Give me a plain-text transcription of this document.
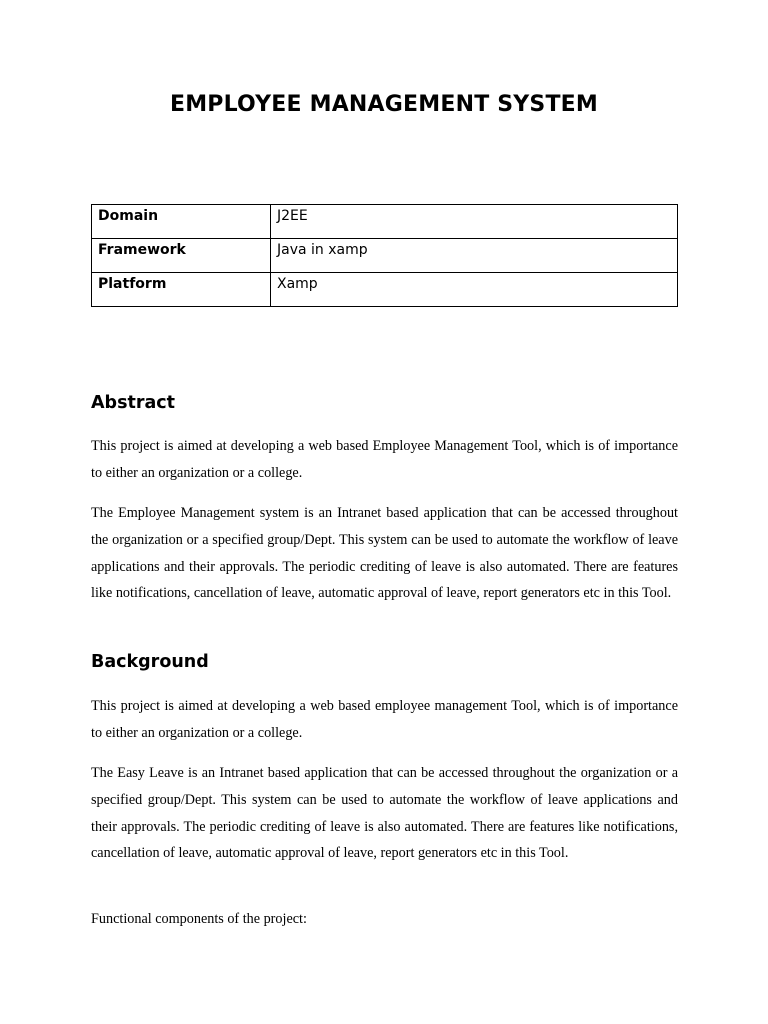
EMPLOYEE MANAGEMENT SYSTEM
Domain	J2EE
Framework	Java in xamp
Platform	Xamp
Abstract

This project is aimed at developing a web based Employee Management Tool, which is of importance to either an organization or a college.

The Employee Management system is an Intranet based application that can be accessed throughout the organization or a specified group/Dept. This system can be used to automate the workflow of leave applications and their approvals. The periodic crediting of leave is also automated. There are features like notifications, cancellation of leave, automatic approval of leave, report generators etc in this Tool.

Background

This project is aimed at developing a web based employee management Tool, which is of importance to either an organization or a college.

The Easy Leave is an Intranet based application that can be accessed throughout the organization or a specified group/Dept. This system can be used to automate the workflow of leave applications and their approvals. The periodic crediting of leave is also automated. There are features like notifications, cancellation of leave, automatic approval of leave, report generators etc in this Tool.

Functional components of the project:
